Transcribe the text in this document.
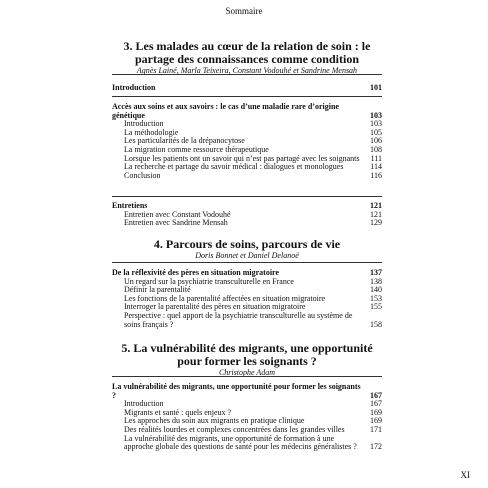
Sommaire

3. Les malades au cœur de la relation de soin : le partage des connaissances comme condition

Agnès Lainé, Marla Teixeira, Constant Vodouhé et Sandrine Mensah

Introduction	101
Accès aux soins et aux savoirs : le cas d’une maladie rare d’origine génétique	103
Introduction	103
La méthodologie	105
Les particularités de la drépanocytose	106
La migration comme ressource thérapeutique	108
Lorsque les patients ont un savoir qui n’est pas partagé avec les soignants	111
La recherche et partage du savoir médical : dialogues et monologues	114
Conclusion	116
Entretiens	121
Entretien avec Constant Vodouhé	121
Entretien avec Sandrine Mensah	129

4. Parcours de soins, parcours de vie

Doris Bonnet et Daniel Delanoë

De la réflexivité des pères en situation migratoire	137
Un regard sur la psychiatrie transculturelle en France	138
Définir la parentalité	140
Les fonctions de la parentalité affectées en situation migratoire	153
Interroger la parentalité des pères en situation migratoire	155
Perspective : quel apport de la psychiatrie transculturelle au système de soins français ?	158

5. La vulnérabilité des migrants, une opportunité pour former les soignants ?

Christophe Adam

La vulnérabilité des migrants, une opportunité pour former les soignants ?	167
Introduction	167
Migrants et santé : quels enjeux ?	169
Les approches du soin aux migrants en pratique clinique	169
Des réalités lourdes et complexes concentrées dans les grandes villes	171
La vulnérabilité des migrants, une opportunité de formation à une approche globale des questions de santé pour les médecins généralistes ?	172
XI
